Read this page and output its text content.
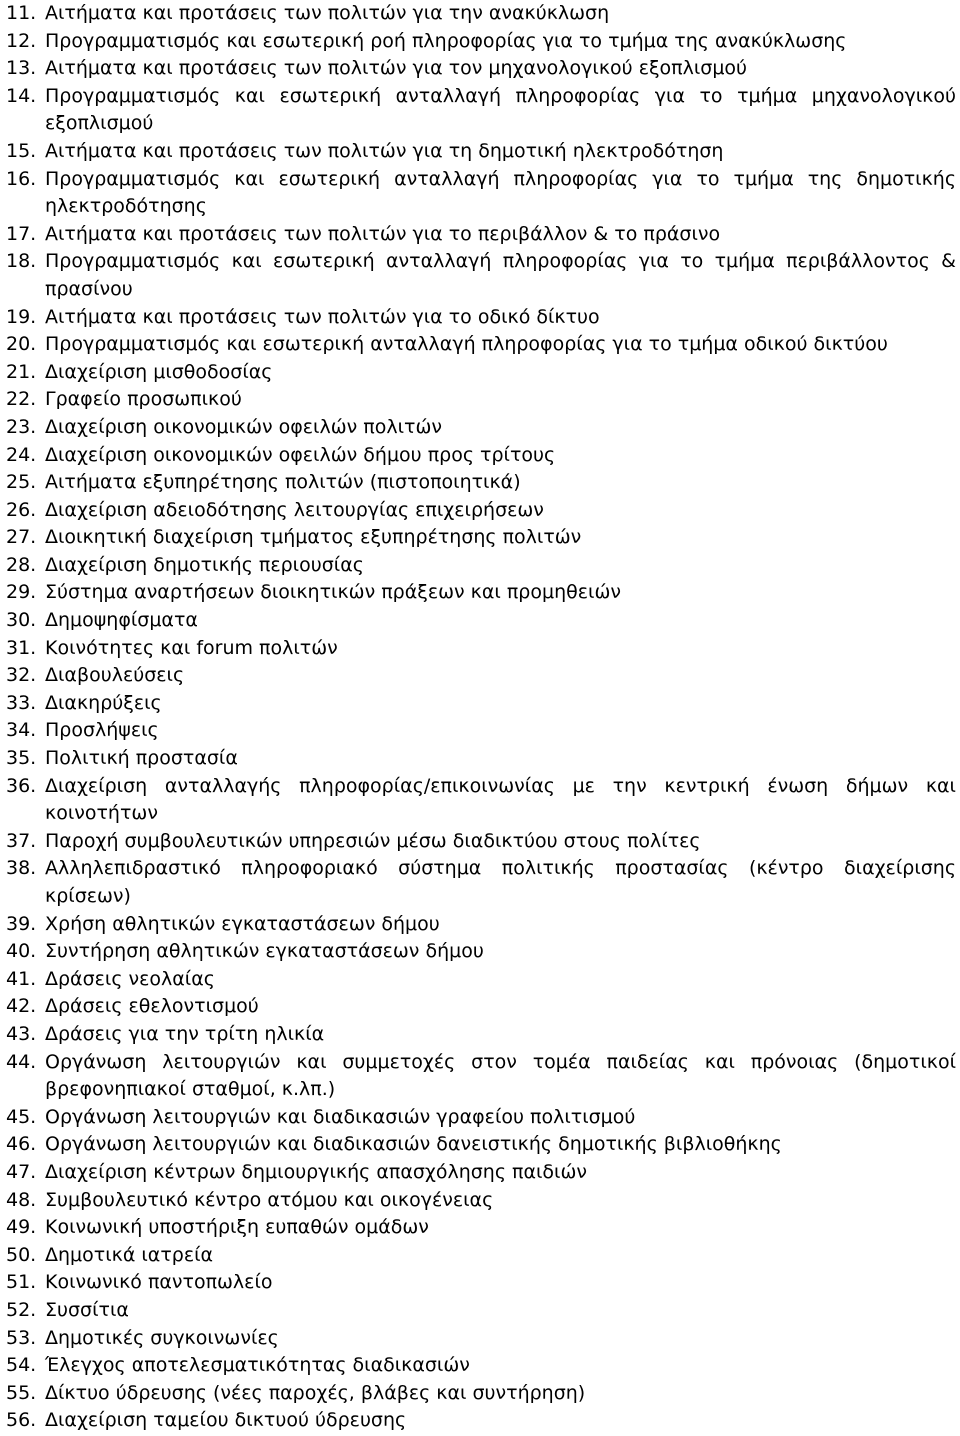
11. Αιτήματα και προτάσεις των πολιτών για την ανακύκλωση
12. Προγραμματισμός και εσωτερική ροή πληροφορίας για το τμήμα της ανακύκλωσης
13. Αιτήματα και προτάσεις των πολιτών για τον μηχανολογικού εξοπλισμού
14. Προγραμματισμός και εσωτερική ανταλλαγή πληροφορίας για το τμήμα μηχανολογικού εξοπλισμού
15. Αιτήματα και προτάσεις των πολιτών για τη δημοτική ηλεκτροδότηση
16. Προγραμματισμός και εσωτερική ανταλλαγή πληροφορίας για το τμήμα της δημοτικής ηλεκτροδότησης
17. Αιτήματα και προτάσεις των πολιτών για το περιβάλλον & το πράσινο
18. Προγραμματισμός και εσωτερική ανταλλαγή πληροφορίας για το τμήμα περιβάλλοντος & πρασίνου
19. Αιτήματα και προτάσεις των πολιτών για το οδικό δίκτυο
20. Προγραμματισμός και εσωτερική ανταλλαγή πληροφορίας για το τμήμα οδικού δικτύου
21. Διαχείριση μισθοδοσίας
22. Γραφείο προσωπικού
23. Διαχείριση οικονομικών οφειλών πολιτών
24. Διαχείριση οικονομικών οφειλών δήμου προς τρίτους
25. Αιτήματα εξυπηρέτησης πολιτών (πιστοποιητικά)
26. Διαχείριση αδειοδότησης λειτουργίας επιχειρήσεων
27. Διοικητική διαχείριση τμήματος εξυπηρέτησης πολιτών
28. Διαχείριση δημοτικής περιουσίας
29. Σύστημα αναρτήσεων διοικητικών πράξεων και προμηθειών
30. Δημοψηφίσματα
31. Κοινότητες και forum πολιτών
32. Διαβουλεύσεις
33. Διακηρύξεις
34. Προσλήψεις
35. Πολιτική προστασία
36. Διαχείριση ανταλλαγής πληροφορίας/επικοινωνίας με την κεντρική ένωση δήμων και κοινοτήτων
37. Παροχή συμβουλευτικών υπηρεσιών μέσω διαδικτύου στους πολίτες
38. Αλληλεπιδραστικό πληροφοριακό σύστημα πολιτικής προστασίας (κέντρο διαχείρισης κρίσεων)
39. Χρήση αθλητικών εγκαταστάσεων δήμου
40. Συντήρηση αθλητικών εγκαταστάσεων δήμου
41. Δράσεις νεολαίας
42. Δράσεις εθελοντισμού
43. Δράσεις για την τρίτη ηλικία
44. Οργάνωση λειτουργιών και συμμετοχές στον τομέα παιδείας και πρόνοιας (δημοτικοί βρεφονηπιακοί σταθμοί, κ.λπ.)
45. Οργάνωση λειτουργιών και διαδικασιών γραφείου πολιτισμού
46. Οργάνωση λειτουργιών και διαδικασιών δανειστικής δημοτικής βιβλιοθήκης
47. Διαχείριση κέντρων δημιουργικής απασχόλησης παιδιών
48. Συμβουλευτικό κέντρο ατόμου και οικογένειας
49. Κοινωνική υποστήριξη ευπαθών ομάδων
50. Δημοτικά ιατρεία
51. Κοινωνικό παντοπωλείο
52. Συσσίτια
53. Δημοτικές συγκοινωνίες
54. Έλεγχος αποτελεσματικότητας διαδικασιών
55. Δίκτυο ύδρευσης (νέες παροχές, βλάβες και συντήρηση)
56. Διαχείριση ταμείου δικτυού ύδρευσης
